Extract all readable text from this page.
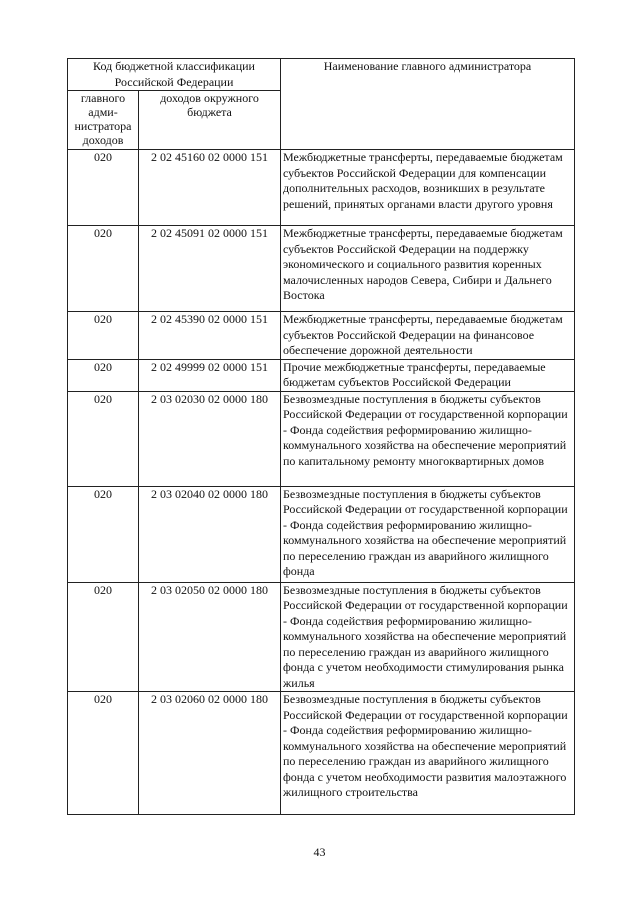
Код бюджетной классификации Российской Федерации		Наименование главного администратора
главного адми-нистратора доходов	доходов окружного бюджета	
020	2 02 45160 02 0000 151	Межбюджетные трансферты, передаваемые бюджетам субъектов Российской Федерации для компенсации дополнительных расходов, возникших в результате решений, принятых органами власти другого уровня
020	2 02 45091 02 0000 151	Межбюджетные трансферты, передаваемые бюджетам субъектов Российской Федерации на поддержку экономического и социального развития коренных малочисленных народов Севера, Сибири и Дальнего Востока
020	2 02 45390 02 0000 151	Межбюджетные трансферты, передаваемые бюджетам субъектов Российской Федерации на финансовое обеспечение дорожной деятельности
020	2 02 49999 02 0000 151	Прочие межбюджетные трансферты, передаваемые бюджетам субъектов Российской Федерации
020	2 03 02030 02 0000 180	Безвозмездные поступления в бюджеты субъектов Российской Федерации от государственной корпорации - Фонда содействия реформированию жилищно-коммунального хозяйства на обеспечение мероприятий по капитальному ремонту многоквартирных домов
020	2 03 02040 02 0000 180	Безвозмездные поступления в бюджеты субъектов Российской Федерации от государственной корпорации - Фонда содействия реформированию жилищно-коммунального хозяйства на обеспечение мероприятий по переселению граждан из аварийного жилищного фонда
020	2 03 02050 02 0000 180	Безвозмездные поступления в бюджеты субъектов Российской Федерации от государственной корпорации - Фонда содействия реформированию жилищно-коммунального хозяйства на обеспечение мероприятий по переселению граждан из аварийного жилищного фонда с учетом необходимости стимулирования рынка жилья
020	2 03 02060 02 0000 180	Безвозмездные поступления в бюджеты субъектов Российской Федерации от государственной корпорации - Фонда содействия реформированию жилищно-коммунального хозяйства на обеспечение мероприятий по переселению граждан из аварийного жилищного фонда с учетом необходимости развития малоэтажного жилищного строительства
43
